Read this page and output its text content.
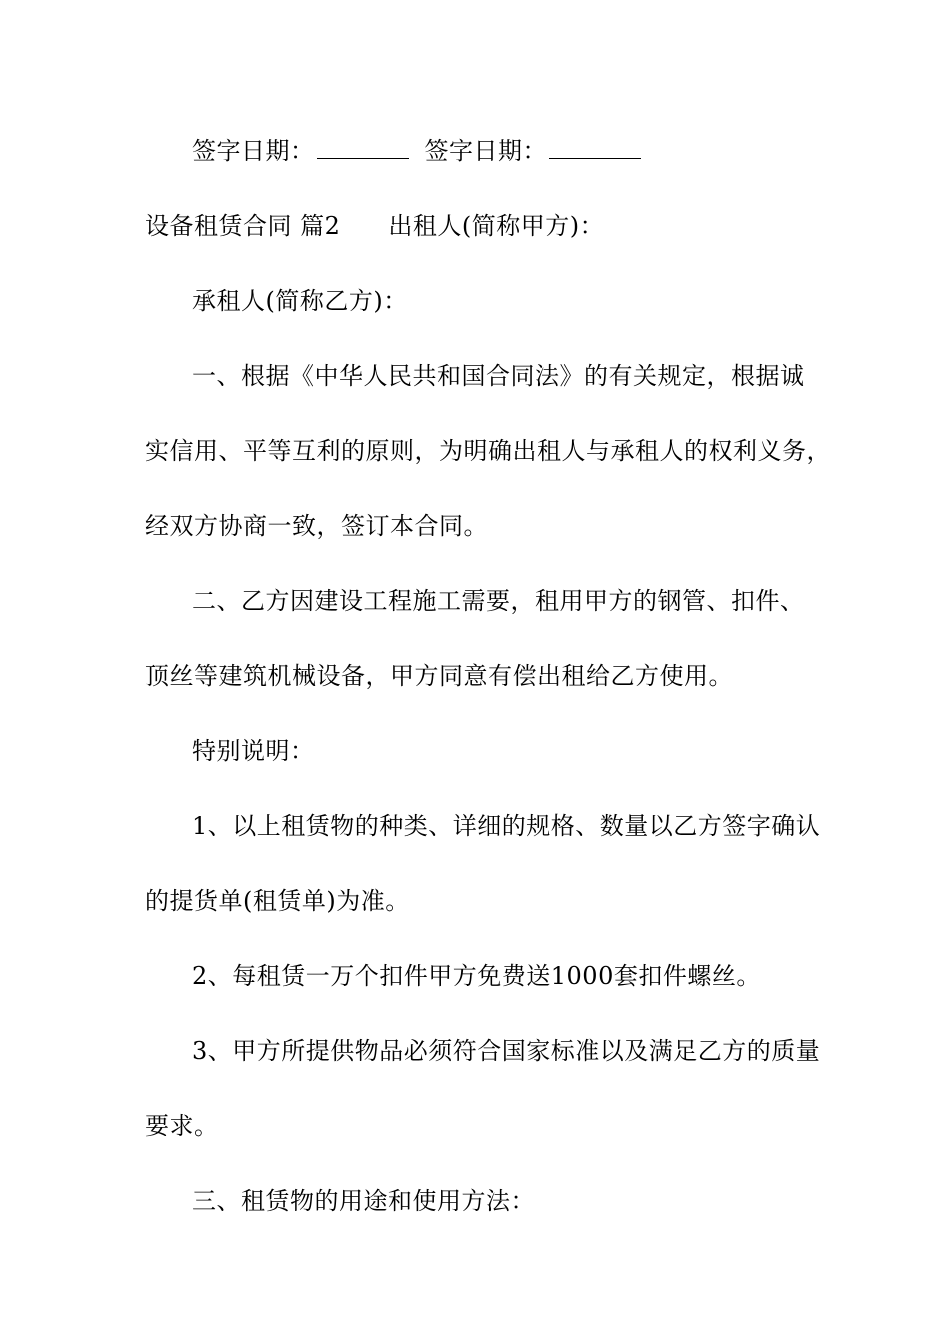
签字日期：	签字日期：
设备租赁合同 篇2 出租人(简称甲方)：
承租人(简称乙方)：
一、根据《中华人民共和国合同法》的有关规定，根据诚
实信用、平等互利的原则，为明确出租人与承租人的权利义务，
经双方协商一致，签订本合同。
二、乙方因建设工程施工需要，租用甲方的钢管、扣件、
顶丝等建筑机械设备，甲方同意有偿出租给乙方使用。
特别说明：
1、以上租赁物的种类、详细的规格、数量以乙方签字确认
的提货单(租赁单)为准。
2、每租赁一万个扣件甲方免费送1000套扣件螺丝。
3、甲方所提供物品必须符合国家标准以及满足乙方的质量
要求。
三、租赁物的用途和使用方法：
